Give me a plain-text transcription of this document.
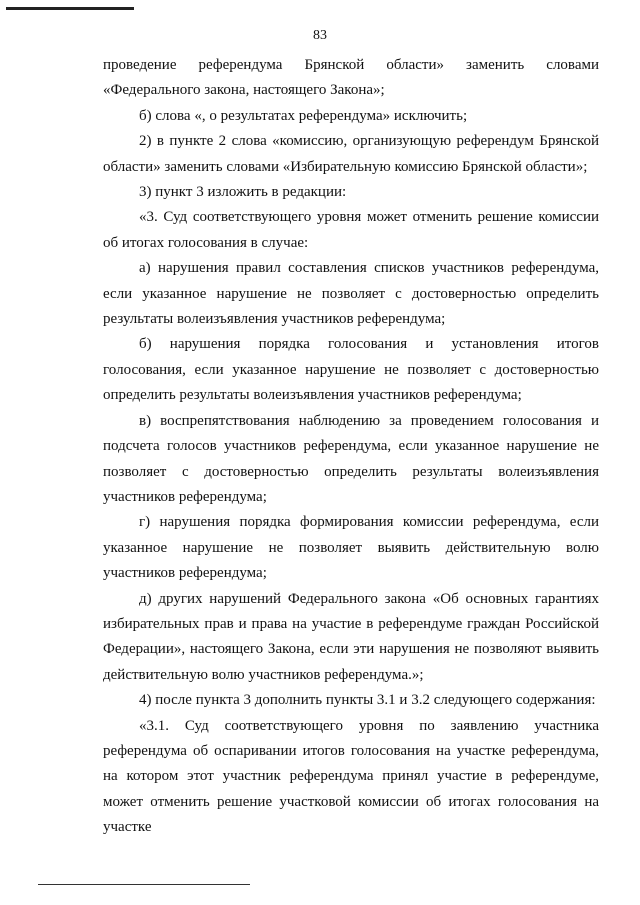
83

проведение референдума Брянской области» заменить словами «Федерального закона, настоящего Закона»;

б) слова «, о результатах референдума» исключить;

2) в пункте 2 слова «комиссию, организующую референдум Брянской области» заменить словами «Избирательную комиссию Брянской области»;

3) пункт 3 изложить в редакции:

«3. Суд соответствующего уровня может отменить решение комиссии об итогах голосования в случае:

а) нарушения правил составления списков участников референдума, если указанное нарушение не позволяет с достоверностью определить результаты волеизъявления участников референдума;

б) нарушения порядка голосования и установления итогов голосования, если указанное нарушение не позволяет с достоверностью определить результаты волеизъявления участников референдума;

в) воспрепятствования наблюдению за проведением голосования и подсчета голосов участников референдума, если указанное нарушение не позволяет с достоверностью определить результаты волеизъявления участников референдума;

г) нарушения порядка формирования комиссии референдума, если указанное нарушение не позволяет выявить действительную волю участников референдума;

д) других нарушений Федерального закона «Об основных гарантиях избирательных прав и права на участие в референдуме граждан Российской Федерации», настоящего Закона, если эти нарушения не позволяют выявить действительную волю участников референдума.»;

4) после пункта 3 дополнить пункты 3.1 и 3.2 следующего содержания:

«3.1. Суд соответствующего уровня по заявлению участника референдума об оспаривании итогов голосования на участке референдума, на котором этот участник референдума принял участие в референдуме, может отменить решение участковой комиссии об итогах голосования на участке
